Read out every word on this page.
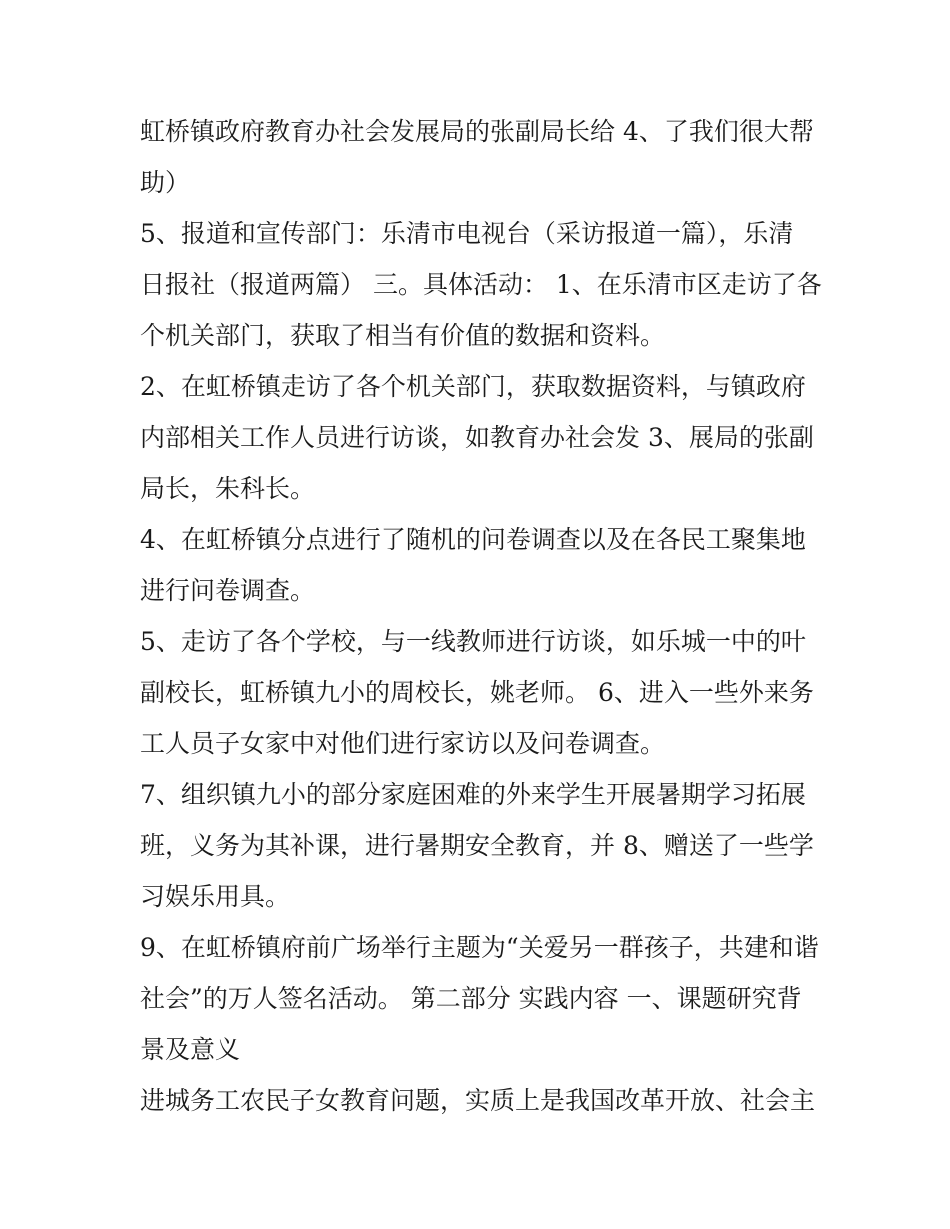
虹桥镇政府教育办社会发展局的张副局长给 4、了我们很大帮
助）

5、报道和宣传部门：乐清市电视台（采访报道一篇），乐清
日报社（报道两篇） 三。具体活动： 1、在乐清市区走访了各
个机关部门，获取了相当有价值的数据和资料。

2、在虹桥镇走访了各个机关部门，获取数据资料，与镇政府
内部相关工作人员进行访谈，如教育办社会发 3、展局的张副
局长，朱科长。

4、在虹桥镇分点进行了随机的问卷调查以及在各民工聚集地
进行问卷调查。

5、走访了各个学校，与一线教师进行访谈，如乐城一中的叶
副校长，虹桥镇九小的周校长，姚老师。 6、进入一些外来务
工人员子女家中对他们进行家访以及问卷调查。

7、组织镇九小的部分家庭困难的外来学生开展暑期学习拓展
班，义务为其补课，进行暑期安全教育，并 8、赠送了一些学
习娱乐用具。

9、在虹桥镇府前广场举行主题为“关爱另一群孩子，共建和谐
社会”的万人签名活动。 第二部分 实践内容 一、课题研究背
景及意义

进城务工农民子女教育问题，实质上是我国改革开放、社会主
